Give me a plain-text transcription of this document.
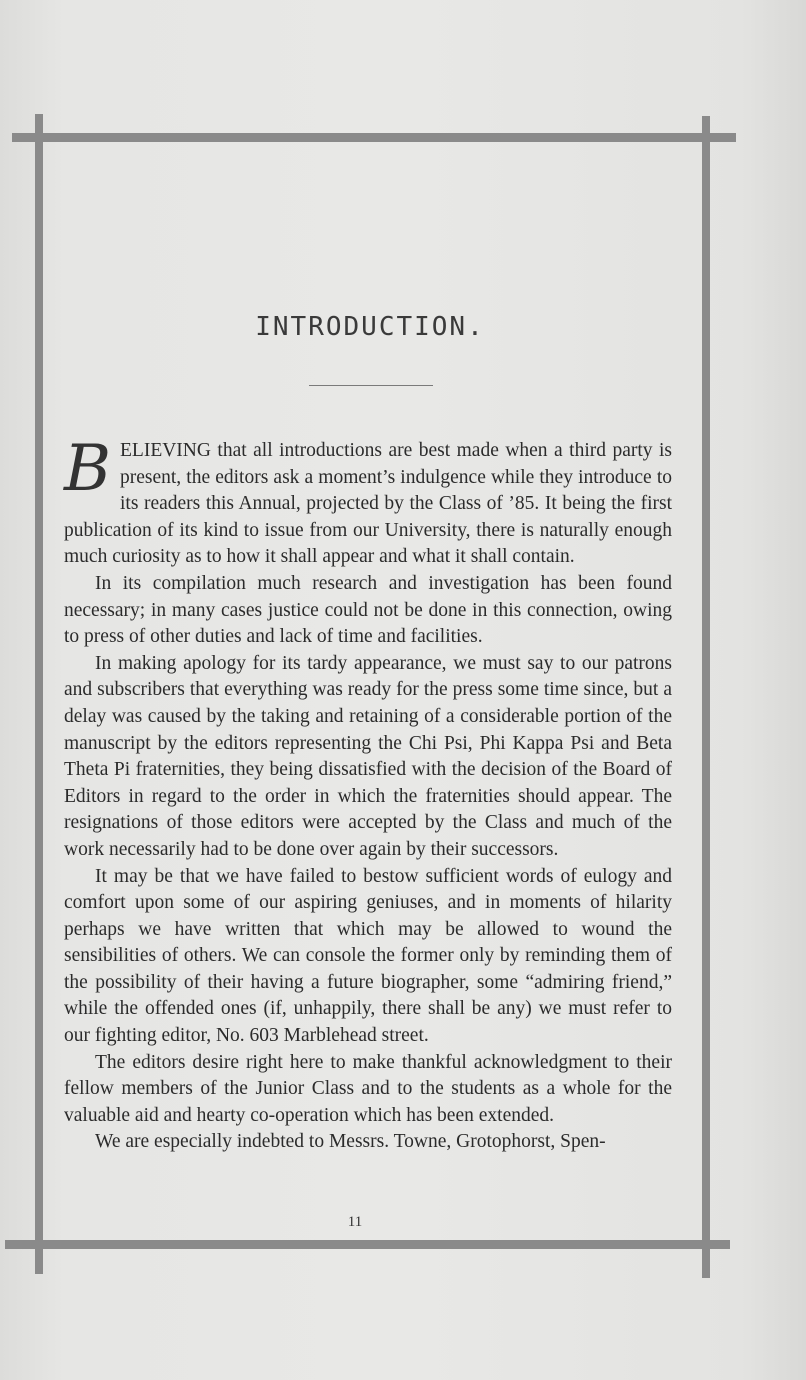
INTRODUCTION.

BELIEVING that all introductions are best made when a third party is present, the editors ask a moment’s indulgence while they introduce to its readers this Annual, projected by the Class of ’85. It being the first publication of its kind to issue from our University, there is naturally enough much curiosity as to how it shall appear and what it shall contain.

In its compilation much research and investigation has been found necessary; in many cases justice could not be done in this connection, owing to press of other duties and lack of time and facilities.

In making apology for its tardy appearance, we must say to our patrons and subscribers that everything was ready for the press some time since, but a delay was caused by the taking and retaining of a considerable portion of the manuscript by the editors representing the Chi Psi, Phi Kappa Psi and Beta Theta Pi fraternities, they being dissatisfied with the decision of the Board of Editors in regard to the order in which the fraternities should appear. The resignations of those editors were accepted by the Class and much of the work necessarily had to be done over again by their successors.

It may be that we have failed to bestow sufficient words of eulogy and comfort upon some of our aspiring geniuses, and in moments of hilarity perhaps we have written that which may be allowed to wound the sensibilities of others. We can console the former only by reminding them of the possibility of their having a future biographer, some “admiring friend,” while the offended ones (if, unhappily, there shall be any) we must refer to our fighting editor, No. 603 Marblehead street.

The editors desire right here to make thankful acknowledgment to their fellow members of the Junior Class and to the students as a whole for the valuable aid and hearty co-operation which has been extended.

We are especially indebted to Messrs. Towne, Grotophorst, Spen-

11
